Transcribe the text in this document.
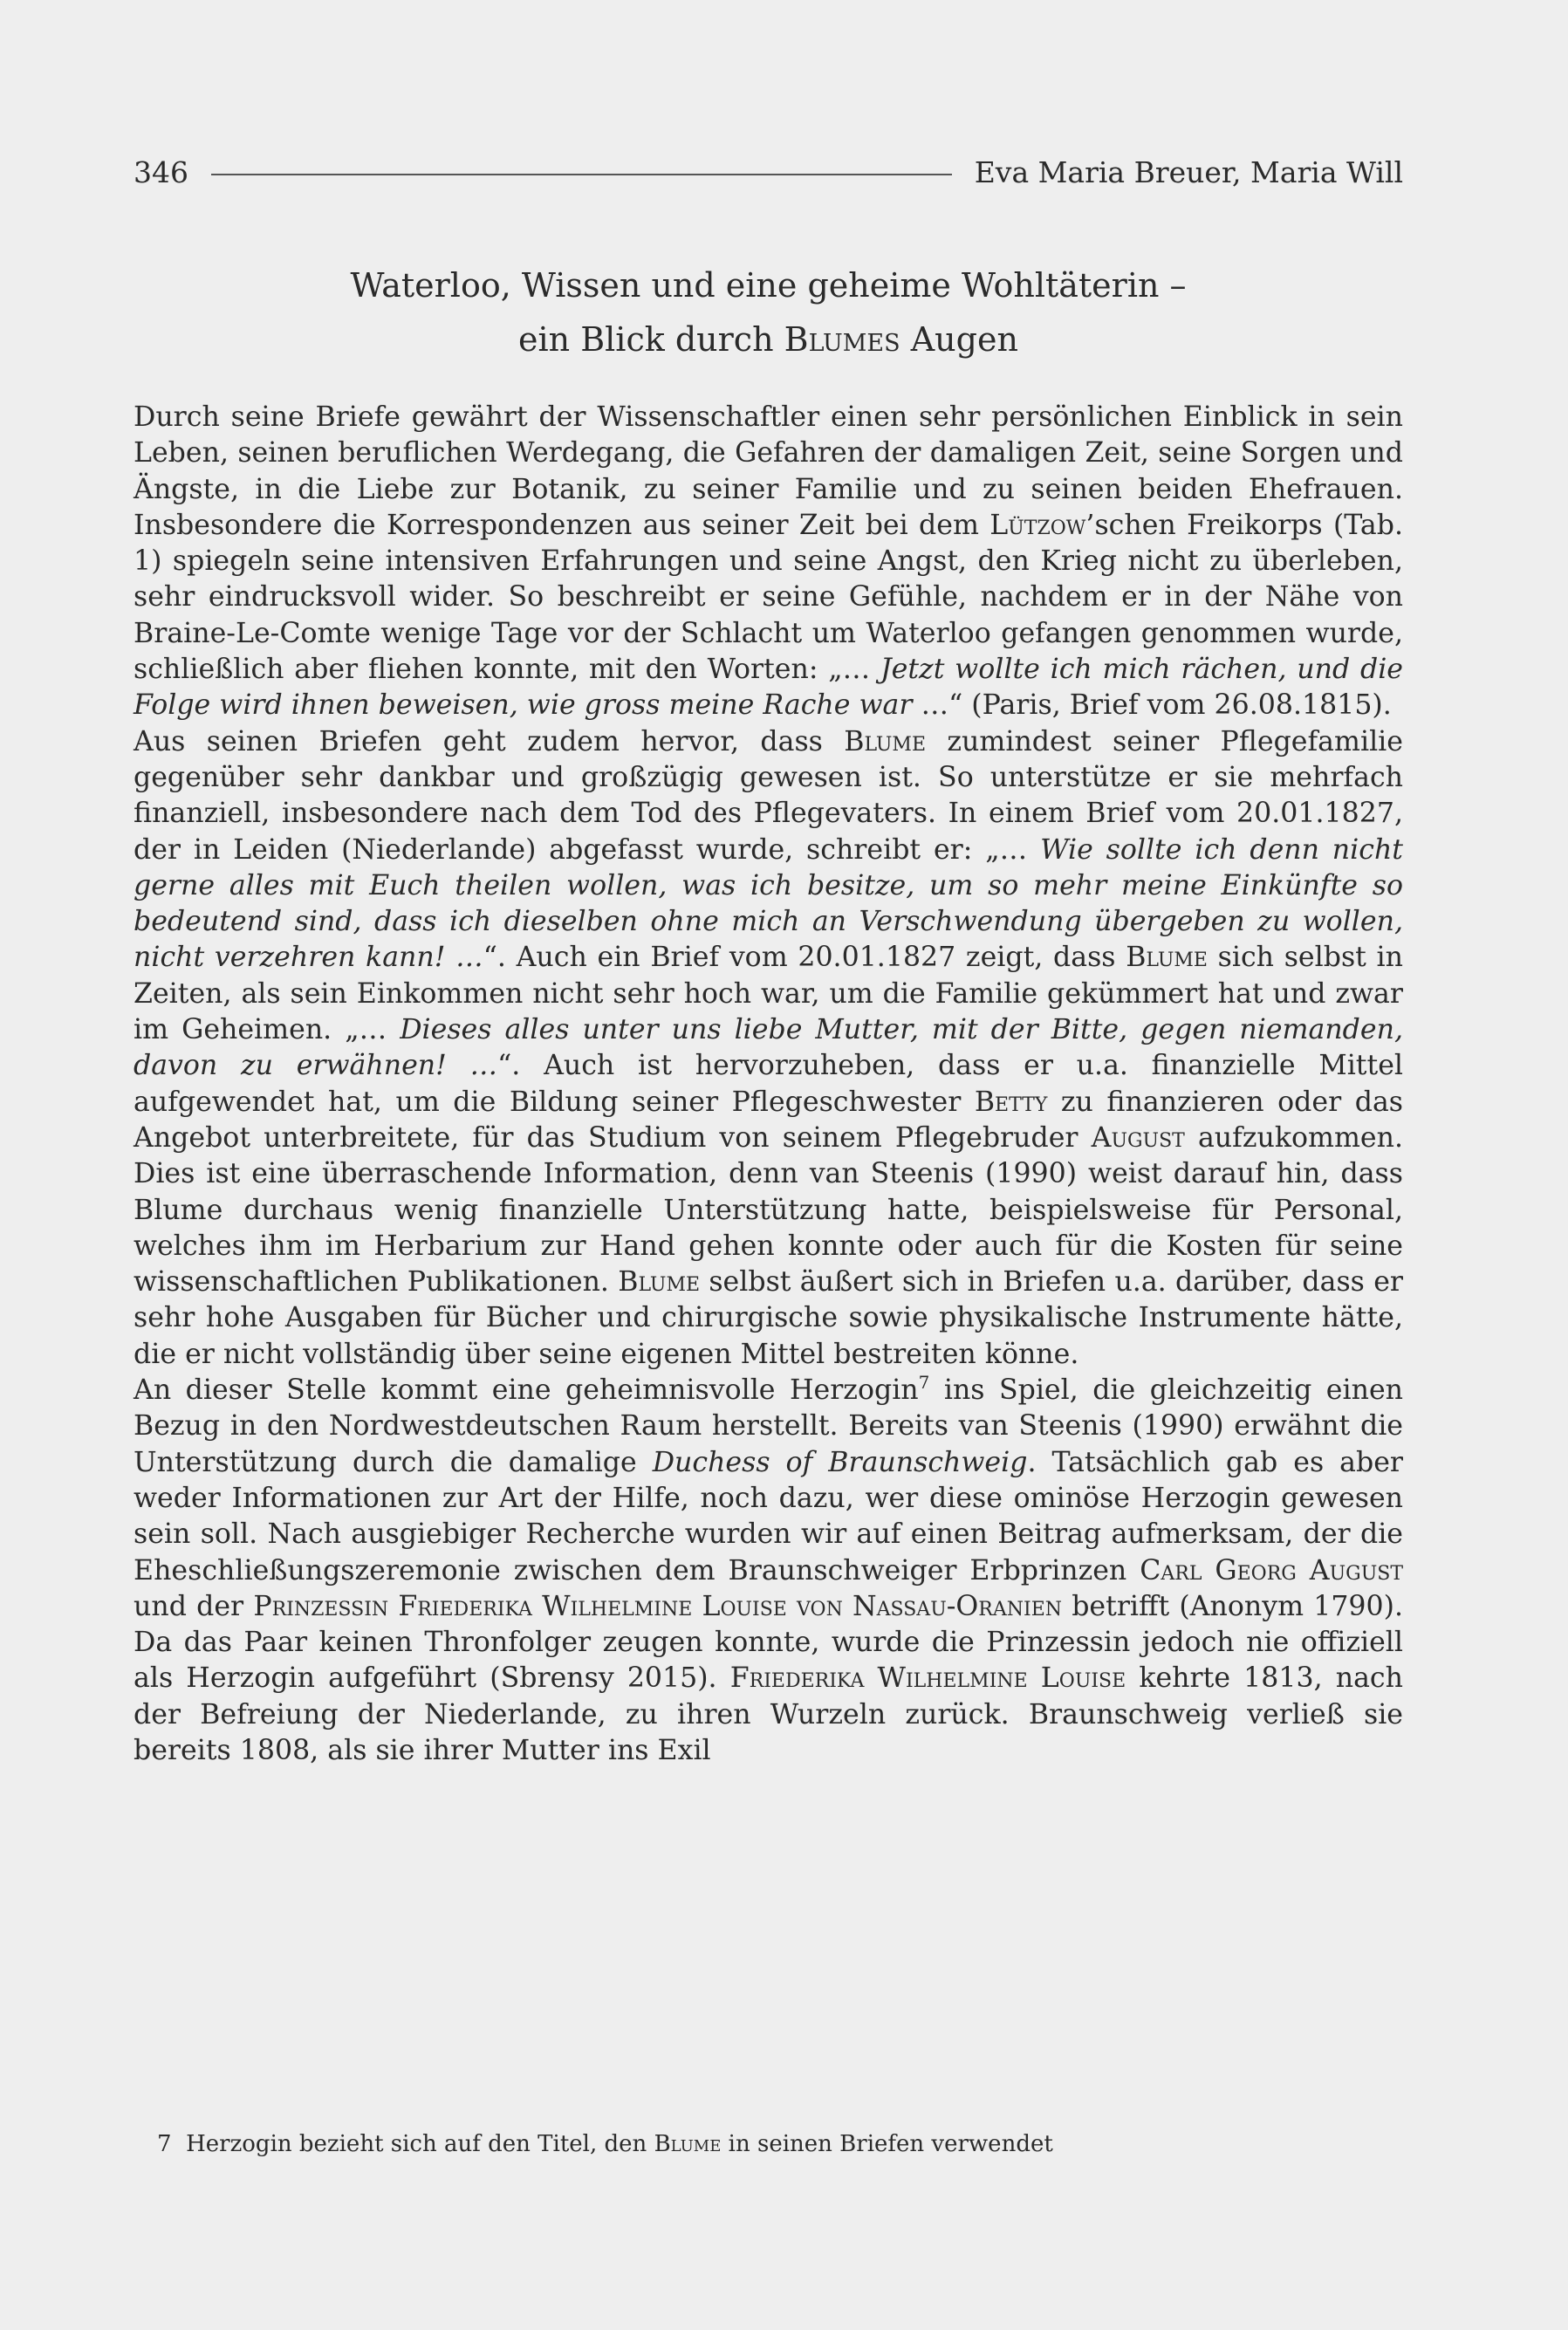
346	Eva Maria Breuer, Maria Will
Waterloo, Wissen und eine geheime Wohltäterin –
ein Blick durch Blumes Augen

Durch seine Briefe gewährt der Wissenschaftler einen sehr persönlichen Einblick in sein Leben, seinen beruflichen Werdegang, die Gefahren der damaligen Zeit, seine Sorgen und Ängste, in die Liebe zur Botanik, zu seiner Familie und zu seinen beiden Ehefrauen. Insbesondere die Korrespondenzen aus seiner Zeit bei dem Lützow’schen Freikorps (Tab. 1) spiegeln seine intensiven Erfahrungen und seine Angst, den Krieg nicht zu überleben, sehr eindrucksvoll wider. So beschreibt er seine Gefühle, nachdem er in der Nähe von Braine-Le-Comte wenige Tage vor der Schlacht um Waterloo gefangen genommen wurde, schließlich aber fliehen konnte, mit den Worten: „… Jetzt wollte ich mich rächen, und die Folge wird ihnen beweisen, wie gross meine Rache war …“ (Paris, Brief vom 26.08.1815).

Aus seinen Briefen geht zudem hervor, dass Blume zumindest seiner Pflegefamilie gegenüber sehr dankbar und großzügig gewesen ist. So unterstütze er sie mehrfach finanziell, insbesondere nach dem Tod des Pflegevaters. In einem Brief vom 20.01.1827, der in Leiden (Niederlande) abgefasst wurde, schreibt er: „… Wie sollte ich denn nicht gerne alles mit Euch theilen wollen, was ich besitze, um so mehr meine Einkünfte so bedeutend sind, dass ich dieselben ohne mich an Verschwendung übergeben zu wollen, nicht verzehren kann! …“. Auch ein Brief vom 20.01.1827 zeigt, dass Blume sich selbst in Zeiten, als sein Einkommen nicht sehr hoch war, um die Familie gekümmert hat und zwar im Geheimen. „… Dieses alles unter uns liebe Mutter, mit der Bitte, gegen niemanden, davon zu erwähnen! …“. Auch ist hervorzuheben, dass er u.a. finanzielle Mittel aufgewendet hat, um die Bildung seiner Pflegeschwester Betty zu finanzieren oder das Angebot unterbreitete, für das Studium von seinem Pflegebruder August aufzukommen. Dies ist eine überraschende Information, denn van Steenis (1990) weist darauf hin, dass Blume durchaus wenig finanzielle Unterstützung hatte, beispielsweise für Personal, welches ihm im Herbarium zur Hand gehen konnte oder auch für die Kosten für seine wissenschaftlichen Publikationen. Blume selbst äußert sich in Briefen u.a. darüber, dass er sehr hohe Ausgaben für Bücher und chirurgische sowie physikalische Instrumente hätte, die er nicht vollständig über seine eigenen Mittel bestreiten könne.

An dieser Stelle kommt eine geheimnisvolle Herzogin$^7$ ins Spiel, die gleichzeitig einen Bezug in den Nordwestdeutschen Raum herstellt. Bereits van Steenis (1990) erwähnt die Unterstützung durch die damalige Duchess of Braunschweig. Tatsächlich gab es aber weder Informationen zur Art der Hilfe, noch dazu, wer diese ominöse Herzogin gewesen sein soll. Nach ausgiebiger Recherche wurden wir auf einen Beitrag aufmerksam, der die Eheschließungszeremonie zwischen dem Braunschweiger Erbprinzen Carl Georg August und der Prinzessin Friederika Wilhelmine Louise von Nassau-Oranien betrifft (Anonym 1790). Da das Paar keinen Thronfolger zeugen konnte, wurde die Prinzessin jedoch nie offiziell als Herzogin aufgeführt (Sbrensy 2015). Friederika Wilhelmine Louise kehrte 1813, nach der Befreiung der Niederlande, zu ihren Wurzeln zurück. Braunschweig verließ sie bereits 1808, als sie ihrer Mutter ins Exil

7 Herzogin bezieht sich auf den Titel, den Blume in seinen Briefen verwendet
